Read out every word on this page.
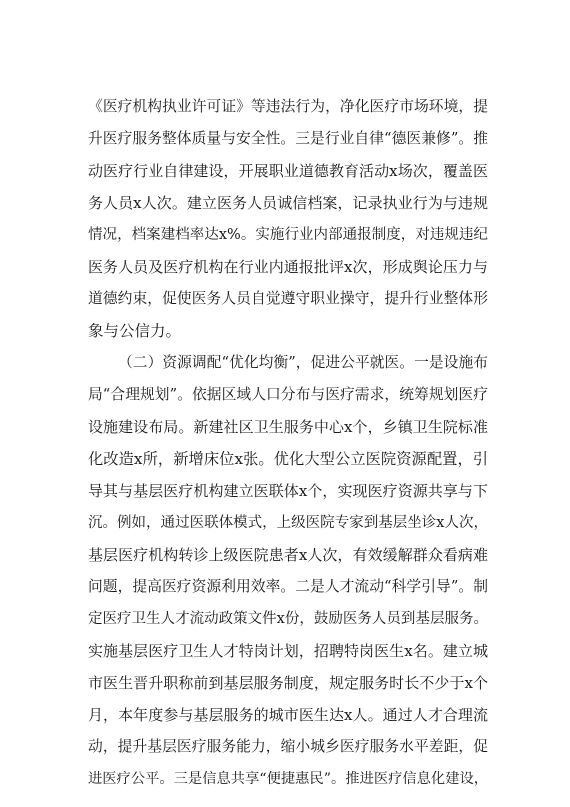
《医疗机构执业许可证》等违法行为，净化医疗市场环境，提
升医疗服务整体质量与安全性。三是行业自律“德医兼修”。推
动医疗行业自律建设，开展职业道德教育活动x场次，覆盖医
务人员x人次。建立医务人员诚信档案，记录执业行为与违规
情况，档案建档率达x%。实施行业内部通报制度，对违规违纪
医务人员及医疗机构在行业内通报批评x次，形成舆论压力与
道德约束，促使医务人员自觉遵守职业操守，提升行业整体形
象与公信力。
（二）资源调配“优化均衡”，促进公平就医。一是设施布
局“合理规划”。依据区域人口分布与医疗需求，统筹规划医疗
设施建设布局。新建社区卫生服务中心x个，乡镇卫生院标准
化改造x所，新增床位x张。优化大型公立医院资源配置，引
导其与基层医疗机构建立医联体x个，实现医疗资源共享与下
沉。例如，通过医联体模式，上级医院专家到基层坐诊x人次，
基层医疗机构转诊上级医院患者x人次，有效缓解群众看病难
问题，提高医疗资源利用效率。二是人才流动“科学引导”。制
定医疗卫生人才流动政策文件x份，鼓励医务人员到基层服务。
实施基层医疗卫生人才特岗计划，招聘特岗医生x名。建立城
市医生晋升职称前到基层服务制度，规定服务时长不少于x个
月，本年度参与基层服务的城市医生达x人。通过人才合理流
动，提升基层医疗服务能力，缩小城乡医疗服务水平差距，促
进医疗公平。三是信息共享“便捷惠民”。推进医疗信息化建设，
